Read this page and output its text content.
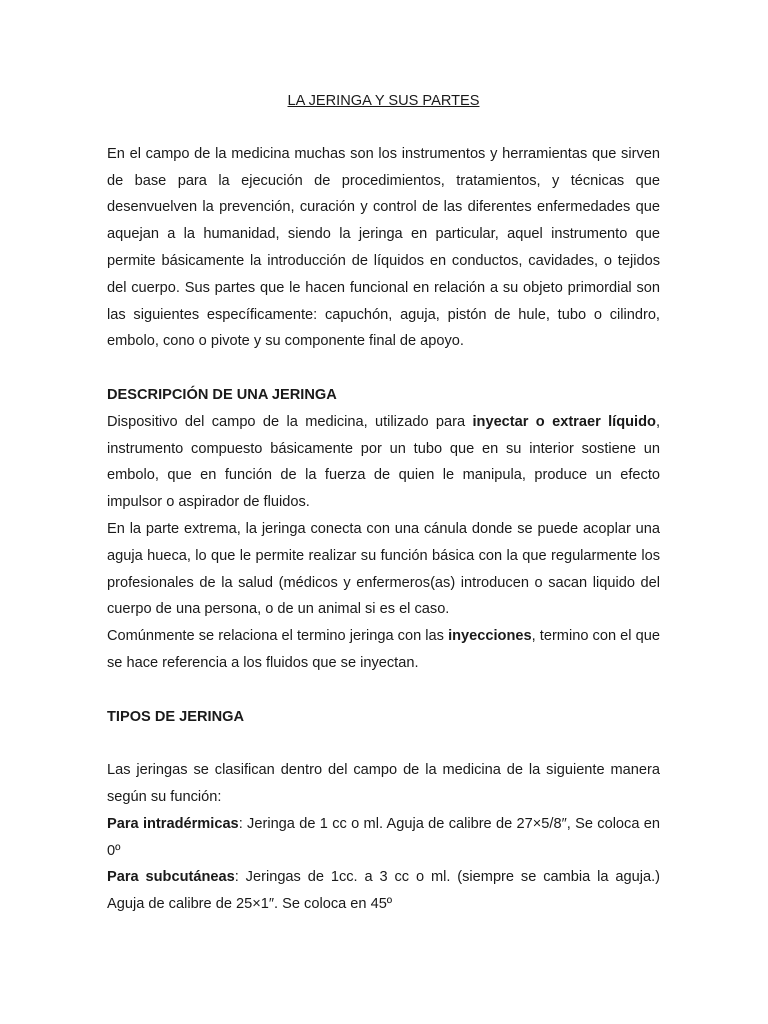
LA JERINGA Y SUS PARTES

En el campo de la medicina muchas son los instrumentos y herramientas que sirven de base para la ejecución de procedimientos, tratamientos, y técnicas que desenvuelven la prevención, curación y control de las diferentes enfermedades que aquejan a la humanidad, siendo la jeringa en particular, aquel instrumento que permite básicamente la introducción de líquidos en conductos, cavidades, o tejidos del cuerpo. Sus partes que le hacen funcional en relación a su objeto primordial son las siguientes específicamente: capuchón, aguja, pistón de hule, tubo o cilindro, embolo, cono o pivote y su componente final de apoyo.

DESCRIPCIÓN DE UNA JERINGA

Dispositivo del campo de la medicina, utilizado para inyectar o extraer líquido, instrumento compuesto básicamente por un tubo que en su interior sostiene un embolo, que en función de la fuerza de quien le manipula, produce un efecto impulsor o aspirador de fluidos.

En la parte extrema, la jeringa conecta con una cánula donde se puede acoplar una aguja hueca, lo que le permite realizar su función básica con la que regularmente los profesionales de la salud (médicos y enfermeros(as) introducen o sacan liquido del cuerpo de una persona, o de un animal si es el caso.

Comúnmente se relaciona el termino jeringa con las inyecciones, termino con el que se hace referencia a los fluidos que se inyectan.

TIPOS DE JERINGA

Las jeringas se clasifican dentro del campo de la medicina de la siguiente manera según su función:

Para intradérmicas: Jeringa de 1 cc o ml. Aguja de calibre de 27×5/8″, Se coloca en 0º

Para subcutáneas: Jeringas de 1cc. a 3 cc o ml. (siempre se cambia la aguja.) Aguja de calibre de 25×1″. Se coloca en 45º
